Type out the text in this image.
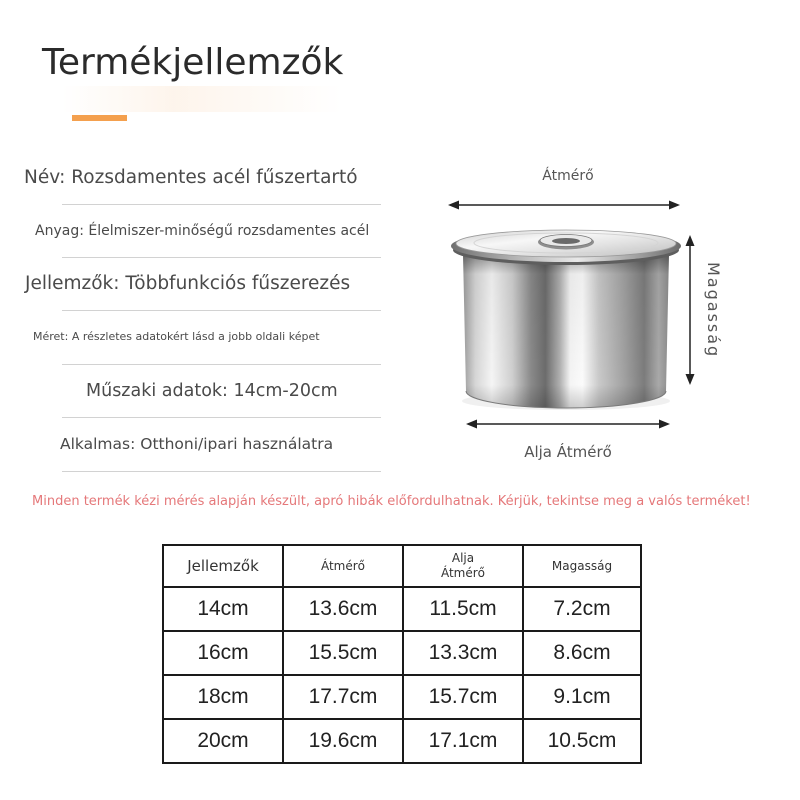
Termékjellemzők
Név: Rozsdamentes acél fűszertartó
Anyag: Élelmiszer-minőségű rozsdamentes acél
Jellemzők: Többfunkciós fűszerezés
Méret: A részletes adatokért lásd a jobb oldali képet
Műszaki adatok: 14cm-20cm
Alkalmas: Otthoni/ipari használatra
Átmérő
Magasság
Alja Átmérő
Minden termék kézi mérés alapján készült, apró hibák előfordulhatnak. Kérjük, tekintse meg a valós terméket!
Jellemzők	Átmérő	Alja Átmérő	Magasság
14cm	13.6cm	11.5cm	7.2cm
16cm	15.5cm	13.3cm	8.6cm
18cm	17.7cm	15.7cm	9.1cm
20cm	19.6cm	17.1cm	10.5cm
